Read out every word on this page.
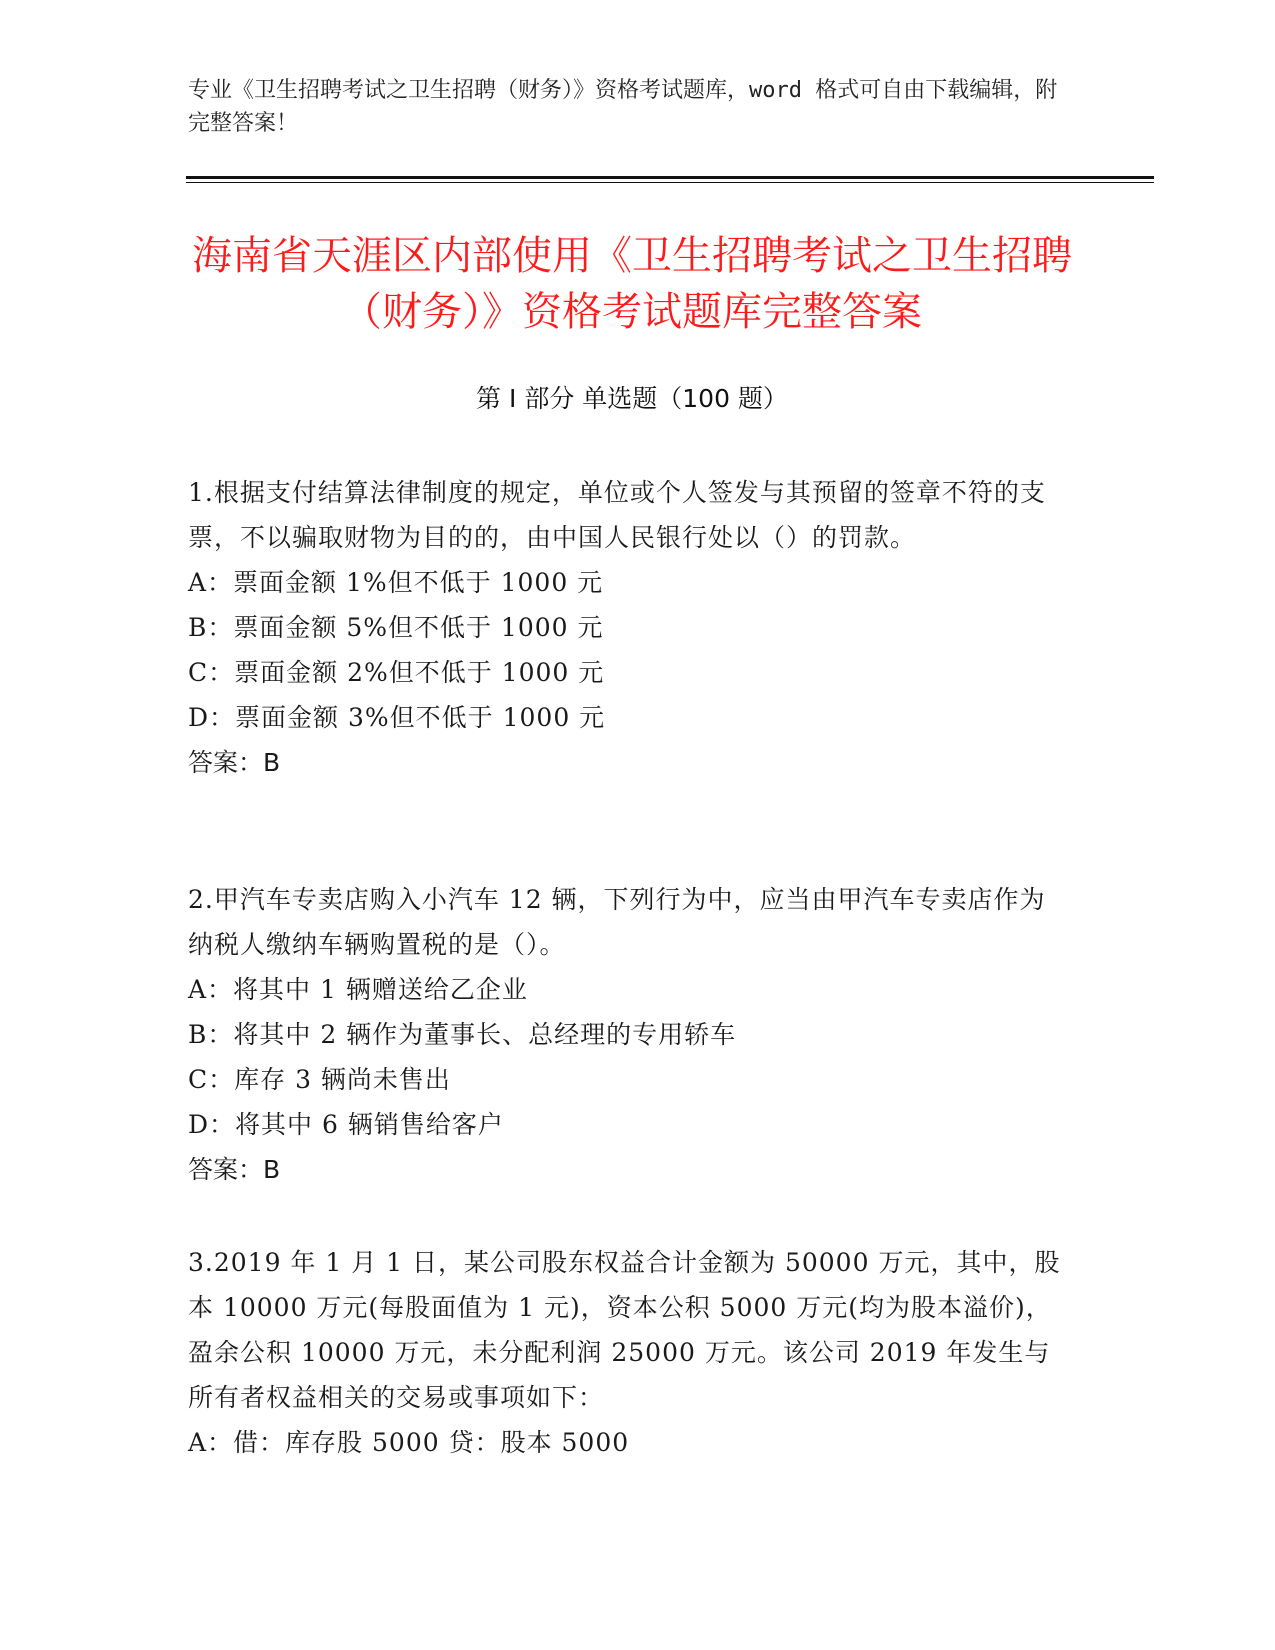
专业《卫生招聘考试之卫生招聘（财务）》资格考试题库，word 格式可自由下载编辑，附完整答案！
海南省天涯区内部使用《卫生招聘考试之卫生招聘（财务）》资格考试题库完整答案
第 I 部分 单选题（100 题）

1.根据支付结算法律制度的规定，单位或个人签发与其预留的签章不符的支票，不以骗取财物为目的的，由中国人民银行处以（）的罚款。

A：票面金额 1%但不低于 1000 元

B：票面金额 5%但不低于 1000 元

C：票面金额 2%但不低于 1000 元

D：票面金额 3%但不低于 1000 元

答案：B

2.甲汽车专卖店购入小汽车 12 辆，下列行为中，应当由甲汽车专卖店作为纳税人缴纳车辆购置税的是（）。

A：将其中 1 辆赠送给乙企业

B：将其中 2 辆作为董事长、总经理的专用轿车

C：库存 3 辆尚未售出

D：将其中 6 辆销售给客户

答案：B

3.2019 年 1 月 1 日，某公司股东权益合计金额为 50000 万元，其中，股本 10000 万元(每股面值为 1 元)，资本公积 5000 万元(均为股本溢价)，盈余公积 10000 万元，未分配利润 25000 万元。该公司 2019 年发生与所有者权益相关的交易或事项如下：

A：借：库存股 5000 贷：股本 5000
